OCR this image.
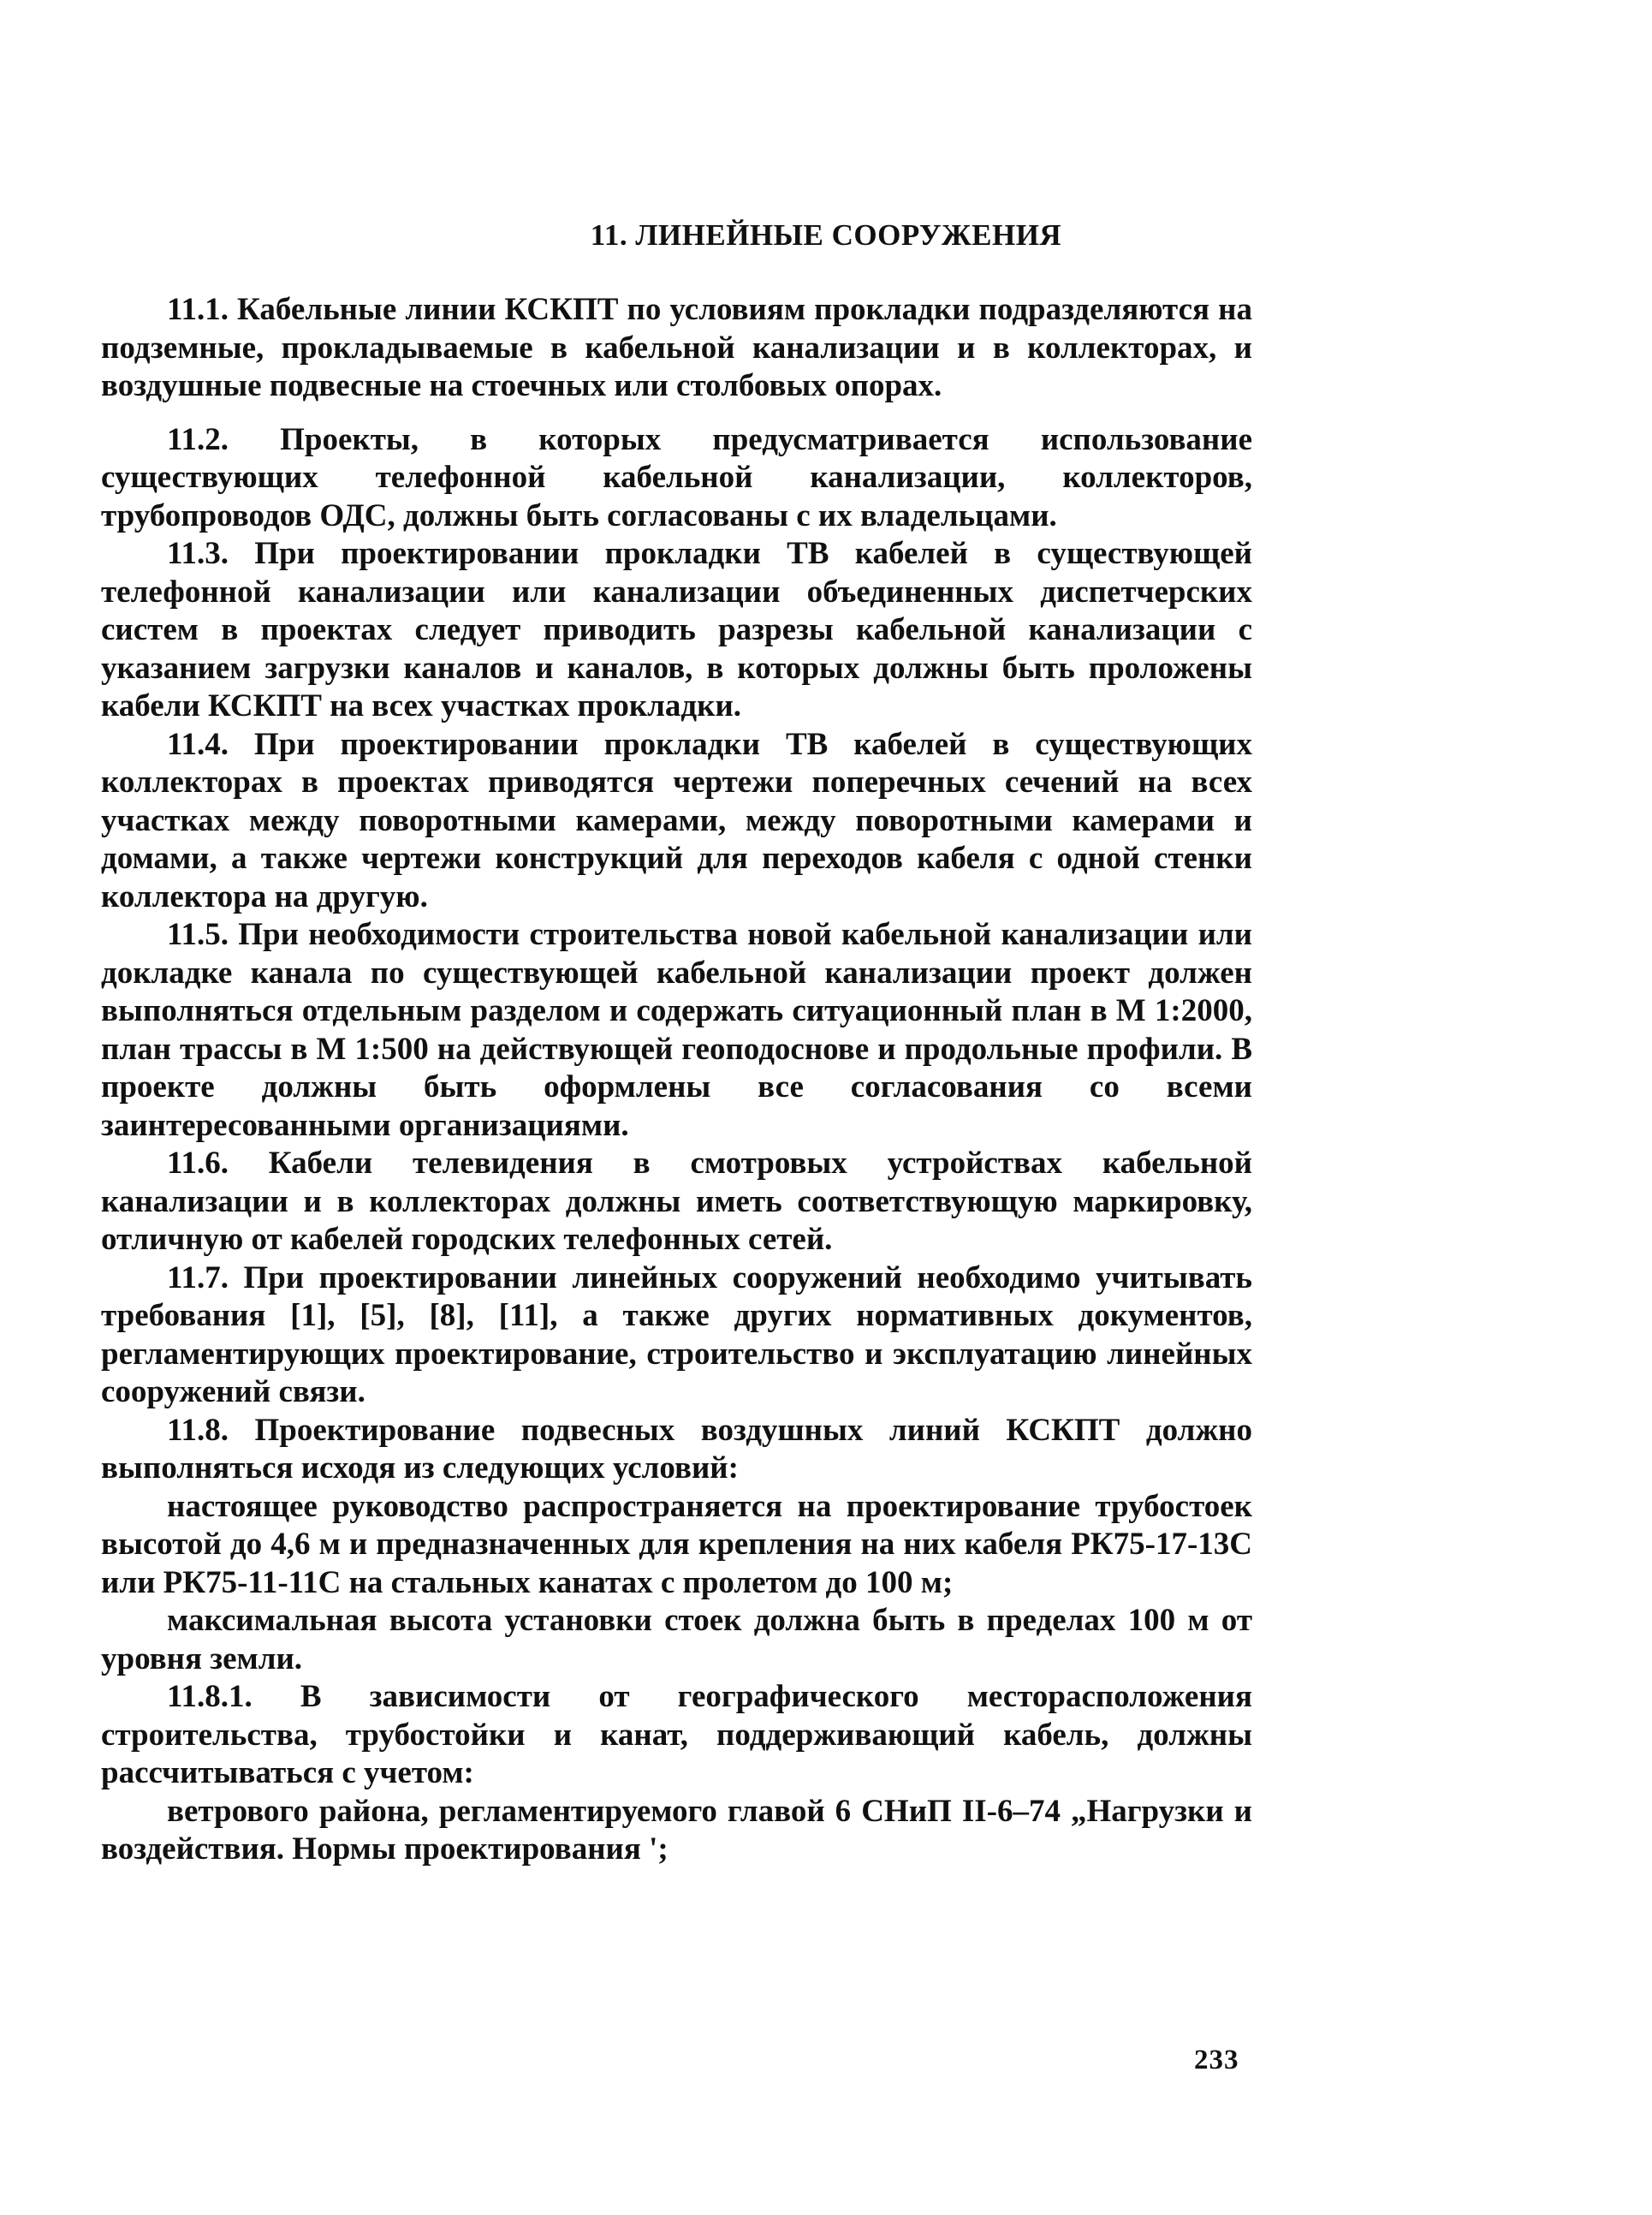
11. ЛИНЕЙНЫЕ СООРУЖЕНИЯ

11.1. Кабельные линии КСКПТ по условиям прокладки подразделяются на подземные, прокладываемые в кабельной канализации и в коллекторах, и воздушные подвесные на стоечных или столбовых опорах.

11.2. Проекты, в которых предусматривается использование существующих телефонной кабельной канализации, коллекторов, трубопроводов ОДС, должны быть согласованы с их владельцами.

11.3. При проектировании прокладки ТВ кабелей в существующей телефонной канализации или канализации объединенных диспетчерских систем в проектах следует приводить разрезы кабельной канализации с указанием загрузки каналов и каналов, в которых должны быть проложены кабели КСКПТ на всех участках прокладки.

11.4. При проектировании прокладки ТВ кабелей в существующих коллекторах в проектах приводятся чертежи поперечных сечений на всех участках между поворотными камерами, между поворотными камерами и домами, а также чертежи конструкций для переходов кабеля с одной стенки коллектора на другую.

11.5. При необходимости строительства новой кабельной канализации или докладке канала по существующей кабельной канализации проект должен выполняться отдельным разделом и содержать ситуационный план в М 1:2000, план трассы в М 1:500 на действующей геоподоснове и продольные профили. В проекте должны быть оформлены все согласования со всеми заинтересованными организациями.

11.6. Кабели телевидения в смотровых устройствах кабельной канализации и в коллекторах должны иметь соответствующую маркировку, отличную от кабелей городских телефонных сетей.

11.7. При проектировании линейных сооружений необходимо учитывать требования [1], [5], [8], [11], а также других нормативных документов, регламентирующих проектирование, строительство и эксплуатацию линейных сооружений связи.

11.8. Проектирование подвесных воздушных линий КСКПТ должно выполняться исходя из следующих условий:

настоящее руководство распространяется на проектирование трубостоек высотой до 4,6 м и предназначенных для крепления на них кабеля РК75-17-13С или РК75-11-11С на стальных канатах с пролетом до 100 м;

максимальная высота установки стоек должна быть в пределах 100 м от уровня земли.

11.8.1. В зависимости от географического месторасположения строительства, трубостойки и канат, поддерживающий кабель, должны рассчитываться с учетом:

ветрового района, регламентируемого главой 6 СНиП II-6–74 „Нагрузки и воздействия. Нормы проектирования ';

233
